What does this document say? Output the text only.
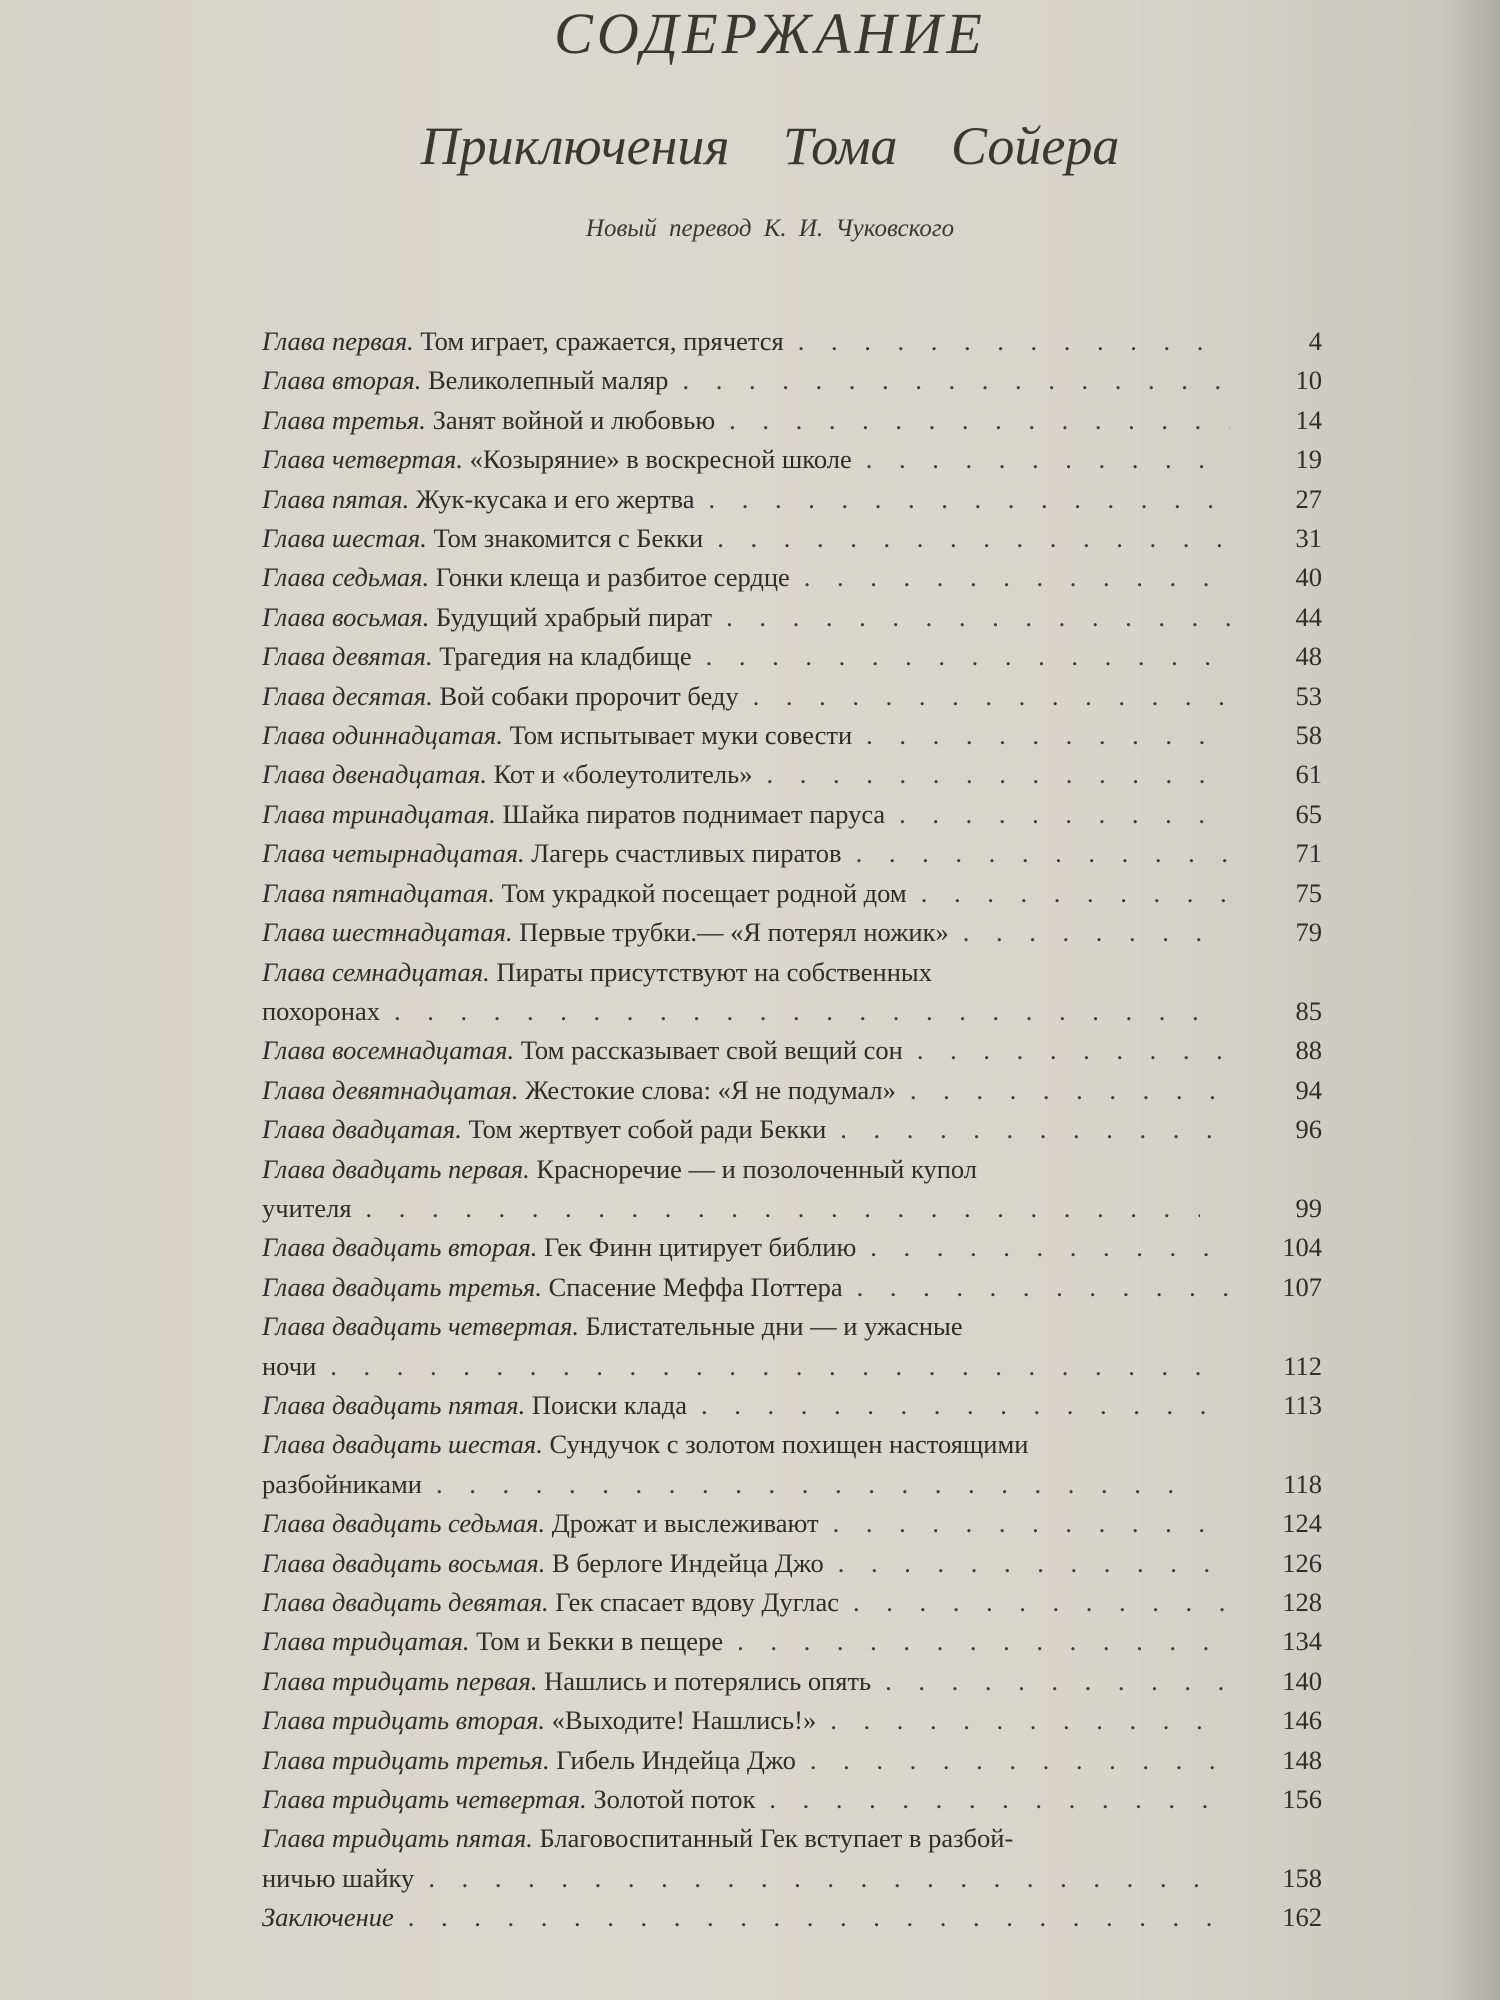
СОДЕРЖАНИЕ
Приключения Тома Сойера
Новый перевод К. И. Чуковского
Глава первая. Том играет, сражается, прячется . . .	4
Глава вторая. Великолепный маляр . . .	10
Глава третья. Занят войной и любовью . . .	14
Глава четвертая. «Козыряние» в воскресной школе . . .	19
Глава пятая. Жук-кусака и его жертва . . .	27
Глава шестая. Том знакомится с Бекки . . .	31
Глава седьмая. Гонки клеща и разбитое сердце . . .	40
Глава восьмая. Будущий храбрый пират . . .	44
Глава девятая. Трагедия на кладбище . . .	48
Глава десятая. Вой собаки пророчит беду . . .	53
Глава одиннадцатая. Том испытывает муки совести . . .	58
Глава двенадцатая. Кот и «болеутолитель» . . .	61
Глава тринадцатая. Шайка пиратов поднимает паруса . . .	65
Глава четырнадцатая. Лагерь счастливых пиратов . . .	71
Глава пятнадцатая. Том украдкой посещает родной дом . . .	75
Глава шестнадцатая. Первые трубки.— «Я потерял ножик» . . .	79
Глава семнадцатая. Пираты присутствуют на собственных
похоронах . . .	85
Глава восемнадцатая. Том рассказывает свой вещий сон . . .	88
Глава девятнадцатая. Жестокие слова: «Я не подумал» . . .	94
Глава двадцатая. Том жертвует собой ради Бекки . . .	96
Глава двадцать первая. Красноречие — и позолоченный купол
учителя . . .	99
Глава двадцать вторая. Гек Финн цитирует библию . . .	104
Глава двадцать третья. Спасение Меффа Поттера . . .	107
Глава двадцать четвертая. Блистательные дни — и ужасные
ночи . . .	112
Глава двадцать пятая. Поиски клада . . .	113
Глава двадцать шестая. Сундучок с золотом похищен настоящими
разбойниками . . .	118
Глава двадцать седьмая. Дрожат и выслеживают . . .	124
Глава двадцать восьмая. В берлоге Индейца Джо . . .	126
Глава двадцать девятая. Гек спасает вдову Дуглас . . .	128
Глава тридцатая. Том и Бекки в пещере . . .	134
Глава тридцать первая. Нашлись и потерялись опять . . .	140
Глава тридцать вторая. «Выходите! Нашлись!» . . .	146
Глава тридцать третья. Гибель Индейца Джо . . .	148
Глава тридцать четвертая. Золотой поток . . .	156
Глава тридцать пятая. Благовоспитанный Гек вступает в разбой-
ничью шайку . . .	158
Заключение . . .	162
